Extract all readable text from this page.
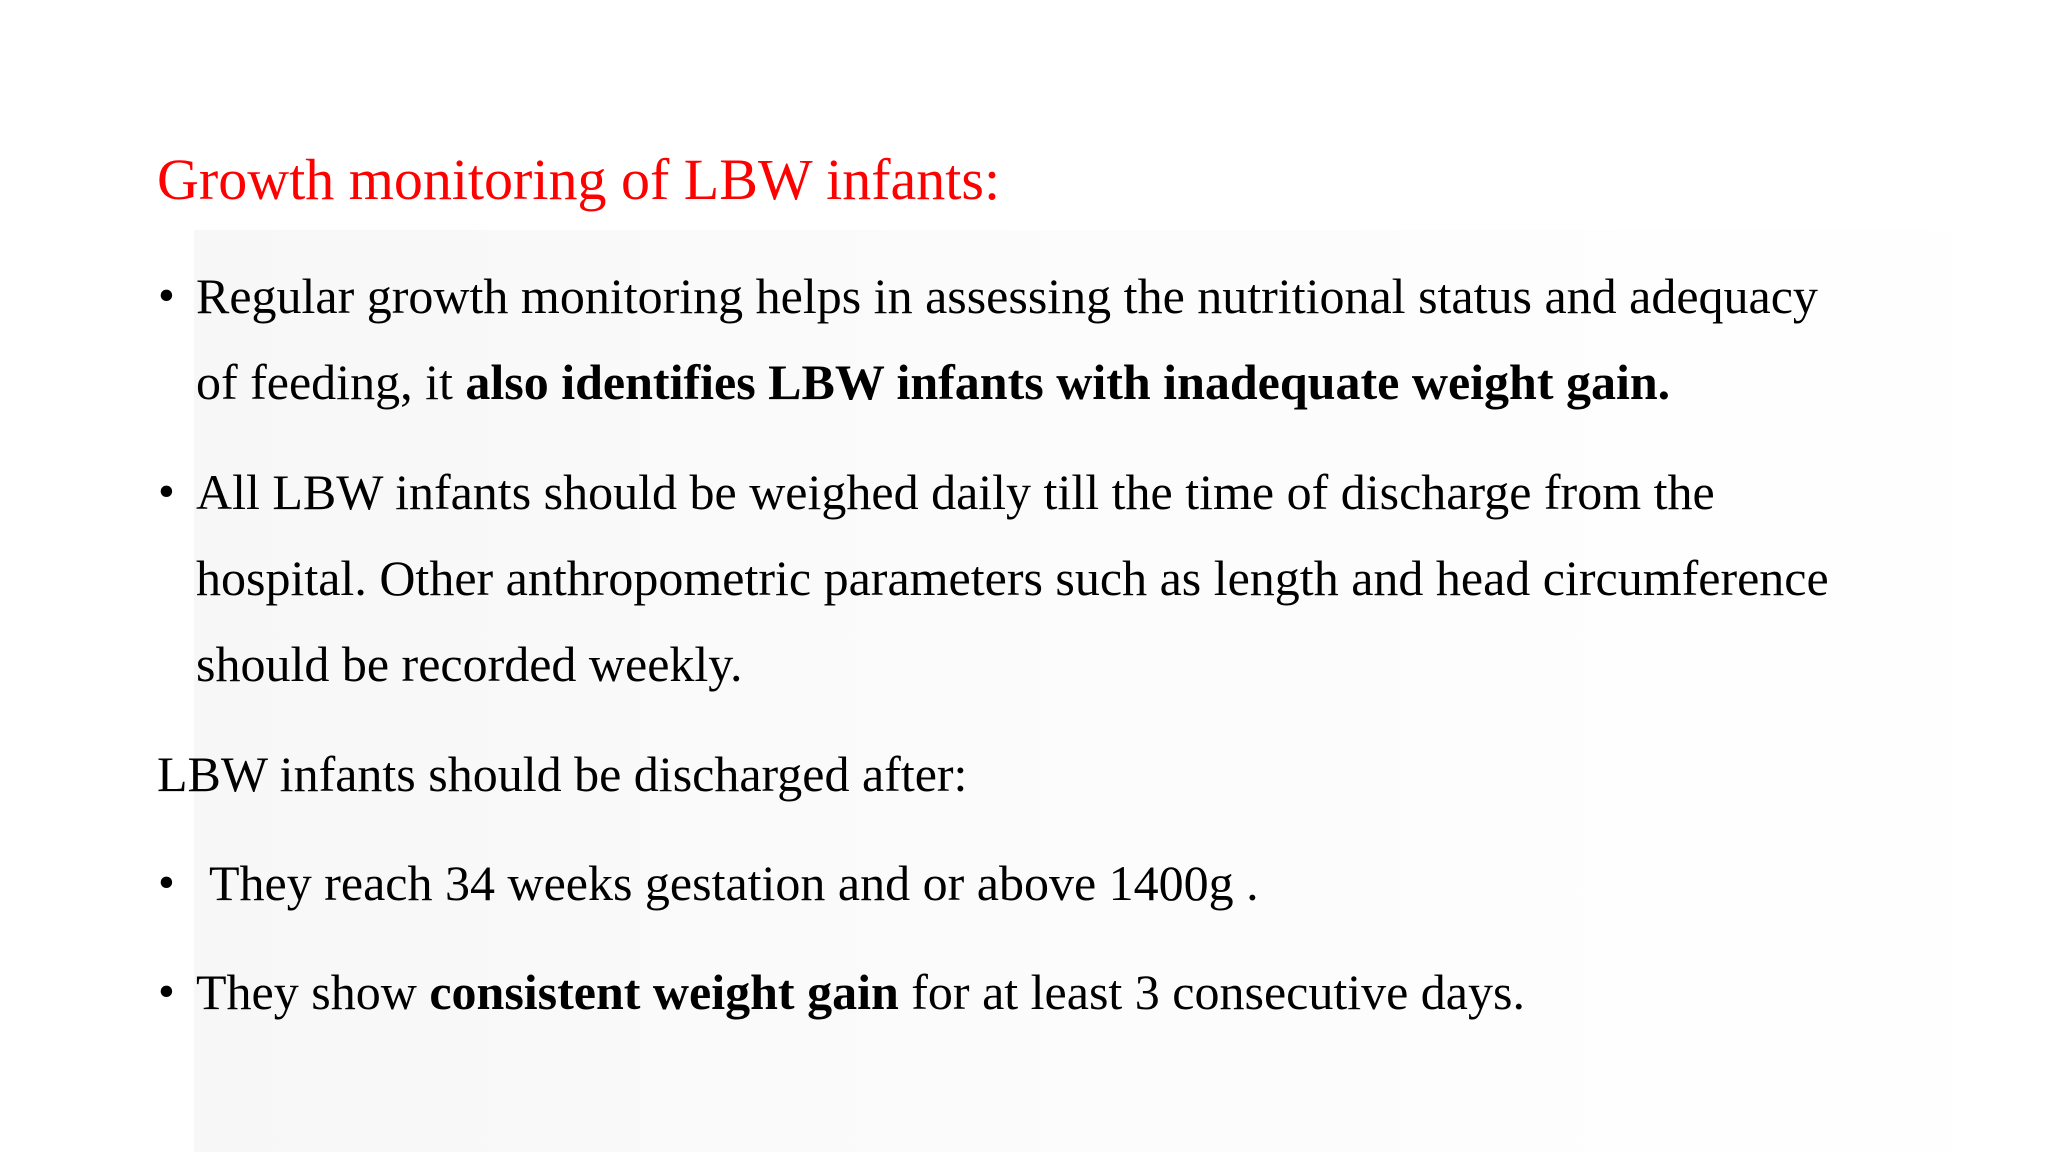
Growth monitoring of LBW infants:
• Regular growth monitoring helps in assessing the nutritional status and adequacy
of feeding, it also identifies LBW infants with inadequate weight gain.
• All LBW infants should be weighed daily till the time of discharge from the
hospital. Other anthropometric parameters such as length and head circumference
should be recorded weekly.
LBW infants should be discharged after:
• They reach 34 weeks gestation and or above 1400g .
• They show consistent weight gain for at least 3 consecutive days.
